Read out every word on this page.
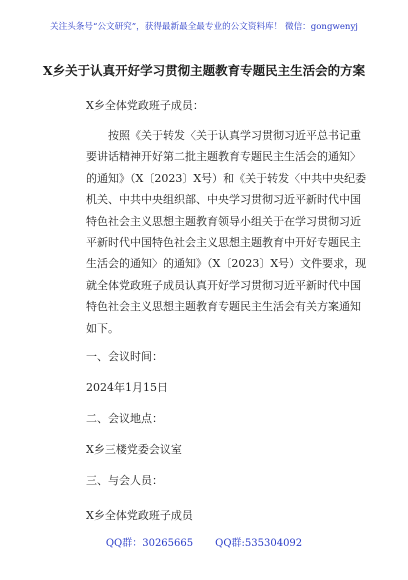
关注头条号“公文研究”，获得最新最全最专业的公文资料库！ 微信：gongwenyj
X乡关于认真开好学习贯彻主题教育专题民主生活会的方案
X乡全体党政班子成员：
按照《关于转发〈关于认真学习贯彻习近平总书记重
要讲话精神开好第二批主题教育专题民主生活会的通知〉
的通知》（X〔2023〕X号）和《关于转发〈中共中央纪委
机关、中共中央组织部、中央学习贯彻习近平新时代中国
特色社会主义思想主题教育领导小组关于在学习贯彻习近
平新时代中国特色社会主义思想主题教育中开好专题民主
生活会的通知〉的通知》（X〔2023〕X号）文件要求，现
就全体党政班子成员认真开好学习贯彻习近平新时代中国
特色社会主义思想主题教育专题民主生活会有关方案通知
如下。
一、会议时间：
2024年1月15日
二、会议地点：
X乡三楼党委会议室
三、与会人员：
X乡全体党政班子成员
QQ群：30265665 QQ群:535304092
